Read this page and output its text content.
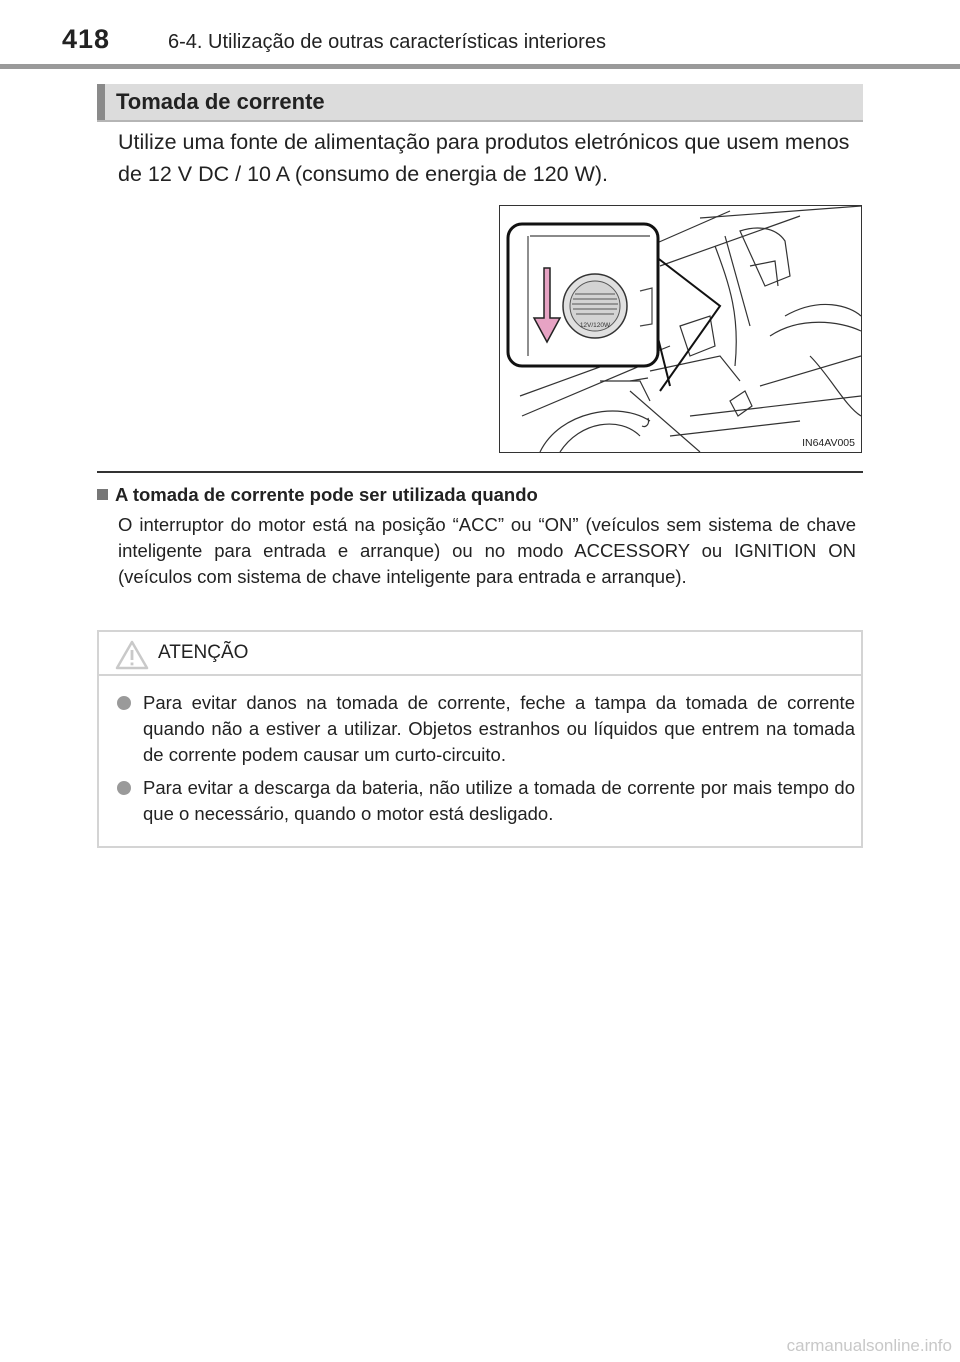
418	6-4. Utilização de outras características interiores
Tomada de corrente
Utilize uma fonte de alimentação para produtos eletrónicos que usem menos de 12 V DC / 10 A (consumo de energia de 120 W).
12V/120W
IN64AV005
A tomada de corrente pode ser utilizada quando
O interruptor do motor está na posição “ACC” ou “ON” (veículos sem sistema de chave inteligente para entrada e arranque) ou no modo ACCESSORY ou IGNITION ON (veículos com sistema de chave inteligente para entrada e arranque).
ATENÇÃO
Para evitar danos na tomada de corrente, feche a tampa da tomada de corrente quando não a estiver a utilizar. Objetos estranhos ou líquidos que entrem na tomada de corrente podem causar um curto-circuito.
Para evitar a descarga da bateria, não utilize a tomada de corrente por mais tempo do que o necessário, quando o motor está desligado.
carmanualsonline.info
